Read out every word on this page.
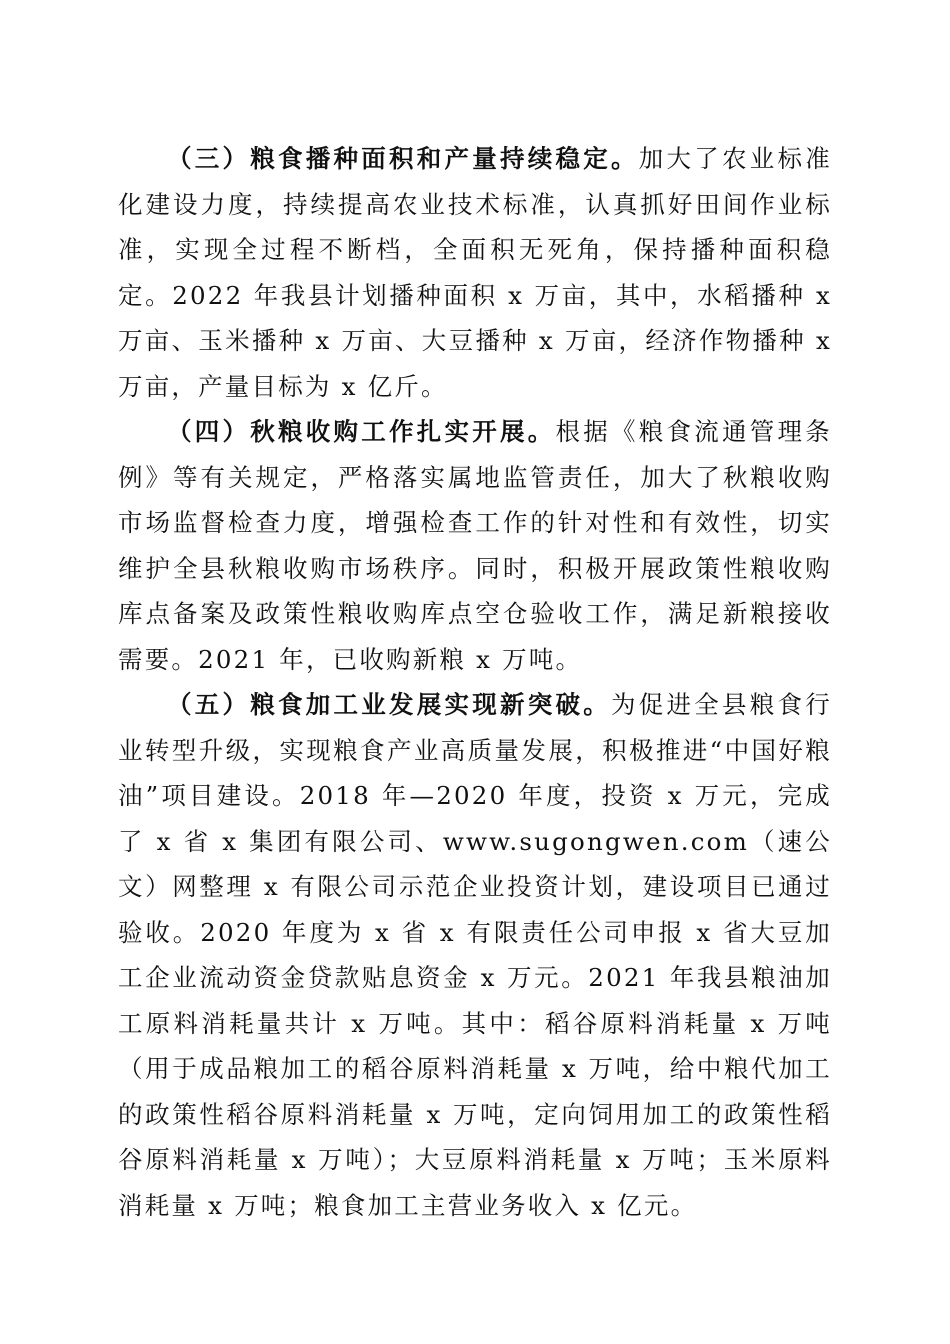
（三）粮食播种面积和产量持续稳定。加大了农业标准化建设力度，持续提高农业技术标准，认真抓好田间作业标准，实现全过程不断档，全面积无死角，保持播种面积稳定。2022 年我县计划播种面积 x 万亩，其中，水稻播种 x 万亩、玉米播种 x 万亩、大豆播种 x 万亩，经济作物播种 x 万亩，产量目标为 x 亿斤。

（四）秋粮收购工作扎实开展。根据《粮食流通管理条例》等有关规定，严格落实属地监管责任，加大了秋粮收购市场监督检查力度，增强检查工作的针对性和有效性，切实维护全县秋粮收购市场秩序。同时，积极开展政策性粮收购库点备案及政策性粮收购库点空仓验收工作，满足新粮接收需要。2021 年，已收购新粮 x 万吨。

（五）粮食加工业发展实现新突破。为促进全县粮食行业转型升级，实现粮食产业高质量发展，积极推进“中国好粮油”项目建设。2018 年—2020 年度，投资 x 万元，完成了 x 省 x 集团有限公司、www.sugongwen.com（速公文）网整理 x 有限公司示范企业投资计划，建设项目已通过验收。2020 年度为 x 省 x 有限责任公司申报 x 省大豆加工企业流动资金贷款贴息资金 x 万元。2021 年我县粮油加工原料消耗量共计 x 万吨。其中：稻谷原料消耗量 x 万吨（用于成品粮加工的稻谷原料消耗量 x 万吨，给中粮代加工的政策性稻谷原料消耗量 x 万吨，定向饲用加工的政策性稻谷原料消耗量 x 万吨）；大豆原料消耗量 x 万吨；玉米原料消耗量 x 万吨；粮食加工主营业务收入 x 亿元。
